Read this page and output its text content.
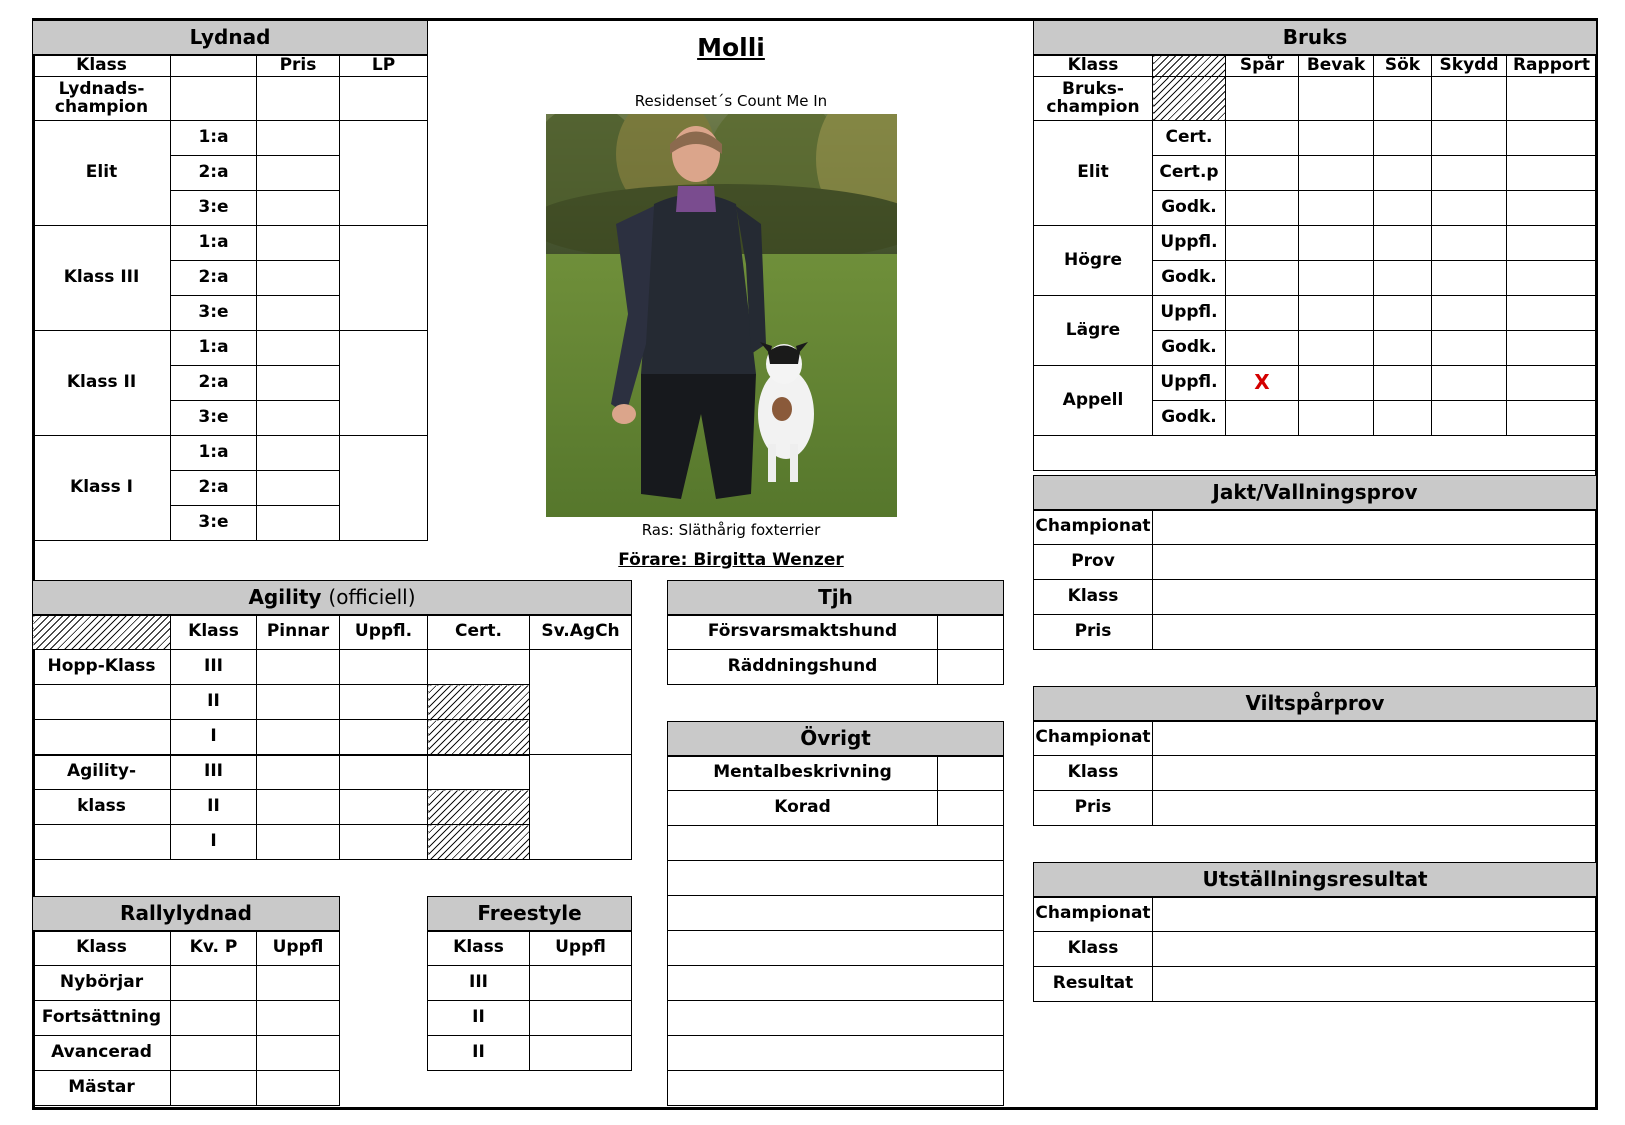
Lydnad			
Klass		Pris	LP
Lydnads-
champion			
Elit	1:a		
	2:a		
	3:e		
Klass III	1:a		
	2:a		
	3:e		
Klass II	1:a		
	2:a		
	3:e		
Klass I	1:a		
	2:a		
	3:e		
Molli
Residenset´s Count Me In
Ras: Släthårig foxterrier
Förare: Birgitta Wenzer
Bruks						
Klass		Spår	Bevak	Sök	Skydd	Rapport
Bruks-
champion						
Elit	Cert.					
	Cert.p					
	Godk.					
Högre	Uppfl.					
	Godk.					
Lägre	Uppfl.					
	Godk.					
Appell	Uppfl.	X				
	Godk.					

Jakt/Vallningsprov	
Championat	
Prov	
Klass	
Pris	
Viltspårprov	
Championat	
Klass	
Pris	
Utställningsresultat	
Championat	
Klass	
Resultat	
Agility (officiell)					
	Klass	Pinnar	Uppfl.	Cert.	Sv.AgCh
Hopp-Klass	III				
	II				
	I				
Agility-	III				
klass	II				
	I				
Rallylydnad		
Klass	Kv. P	Uppfl
Nybörjar		
Fortsättning		
Avancerad		
Mästar		
Freestyle	
Klass	Uppfl
III	
II	
II	
Tjh	
Försvarsmaktshund	
Räddningshund	
Övrigt	
Mentalbeskrivning	
Korad	
